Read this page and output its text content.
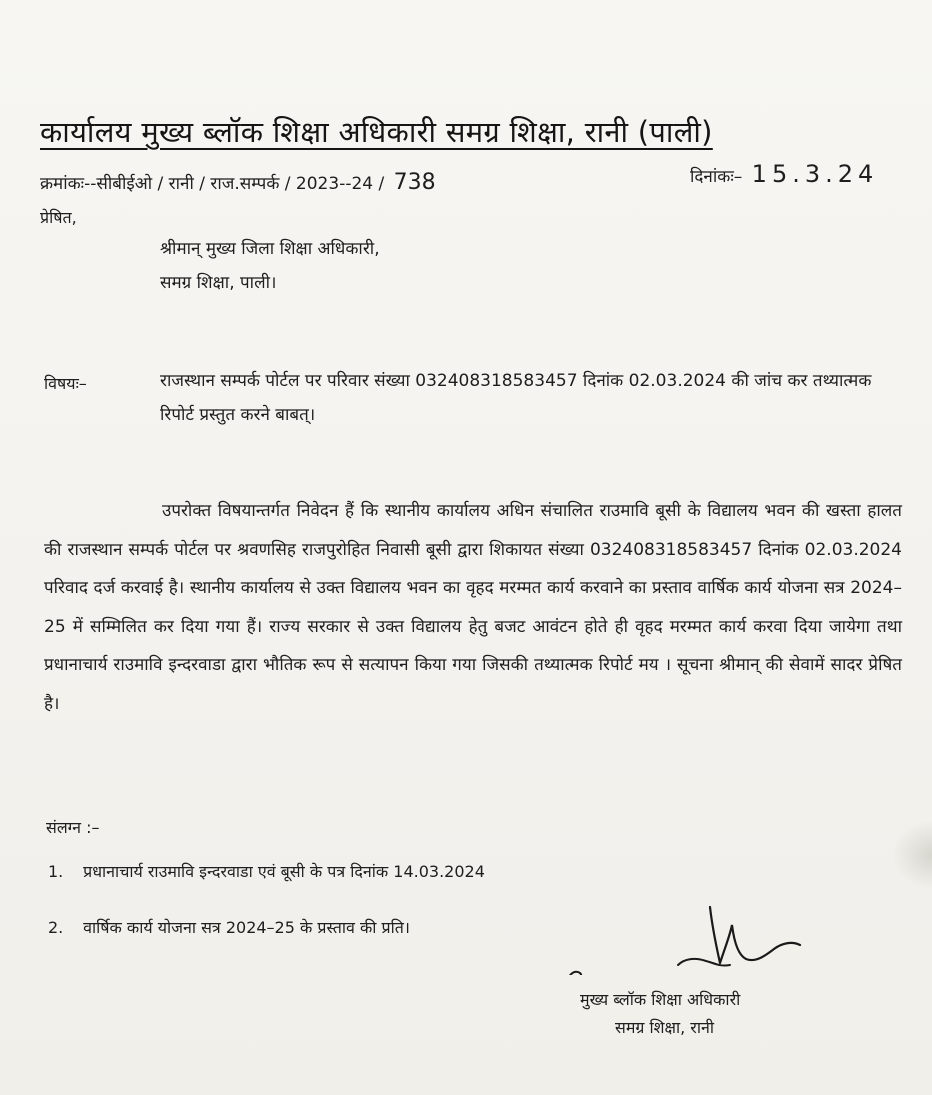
कार्यालय मुख्य ब्लॉक शिक्षा अधिकारी समग्र शिक्षा, रानी (पाली)
क्रमांकः--सीबीईओ / रानी / राज.सम्पर्क / 2023--24 / 738	दिनांकः– 15.3.24
प्रेषित,
श्रीमान् मुख्य जिला शिक्षा अधिकारी,
समग्र शिक्षा, पाली।
विषयः–	राजस्थान सम्पर्क पोर्टल पर परिवार संख्या 032408318583457 दिनांक 02.03.2024 की जांच कर तथ्यात्मक रिपोर्ट प्रस्तुत करने बाबत्।
उपरोक्त विषयान्तर्गत निवेदन हैं कि स्थानीय कार्यालय अधिन संचालित राउमावि बूसी के विद्यालय भवन की खस्ता हालत की राजस्थान सम्पर्क पोर्टल पर श्रवणसिह राजपुरोहित निवासी बूसी द्वारा शिकायत संख्या 032408318583457 दिनांक 02.03.2024 परिवाद दर्ज करवाई है। स्थानीय कार्यालय से उक्त विद्यालय भवन का वृहद मरम्मत कार्य करवाने का प्रस्ताव वार्षिक कार्य योजना सत्र 2024–25 में सम्मिलित कर दिया गया हैं। राज्य सरकार से उक्त विद्यालय हेतु बजट आवंटन होते ही वृहद मरम्मत कार्य करवा दिया जायेगा तथा प्रधानाचार्य राउमावि इन्दरवाडा द्वारा भौतिक रूप से सत्यापन किया गया जिसकी तथ्यात्मक रिपोर्ट मय । सूचना श्रीमान् की सेवामें सादर प्रेषित है।
संलग्न :–
1. प्रधानाचार्य राउमावि इन्दरवाडा एवं बूसी के पत्र दिनांक 14.03.2024
2. वार्षिक कार्य योजना सत्र 2024–25 के प्रस्ताव की प्रति।
मुख्य ब्लॉक शिक्षा अधिकारी
समग्र शिक्षा, रानी
